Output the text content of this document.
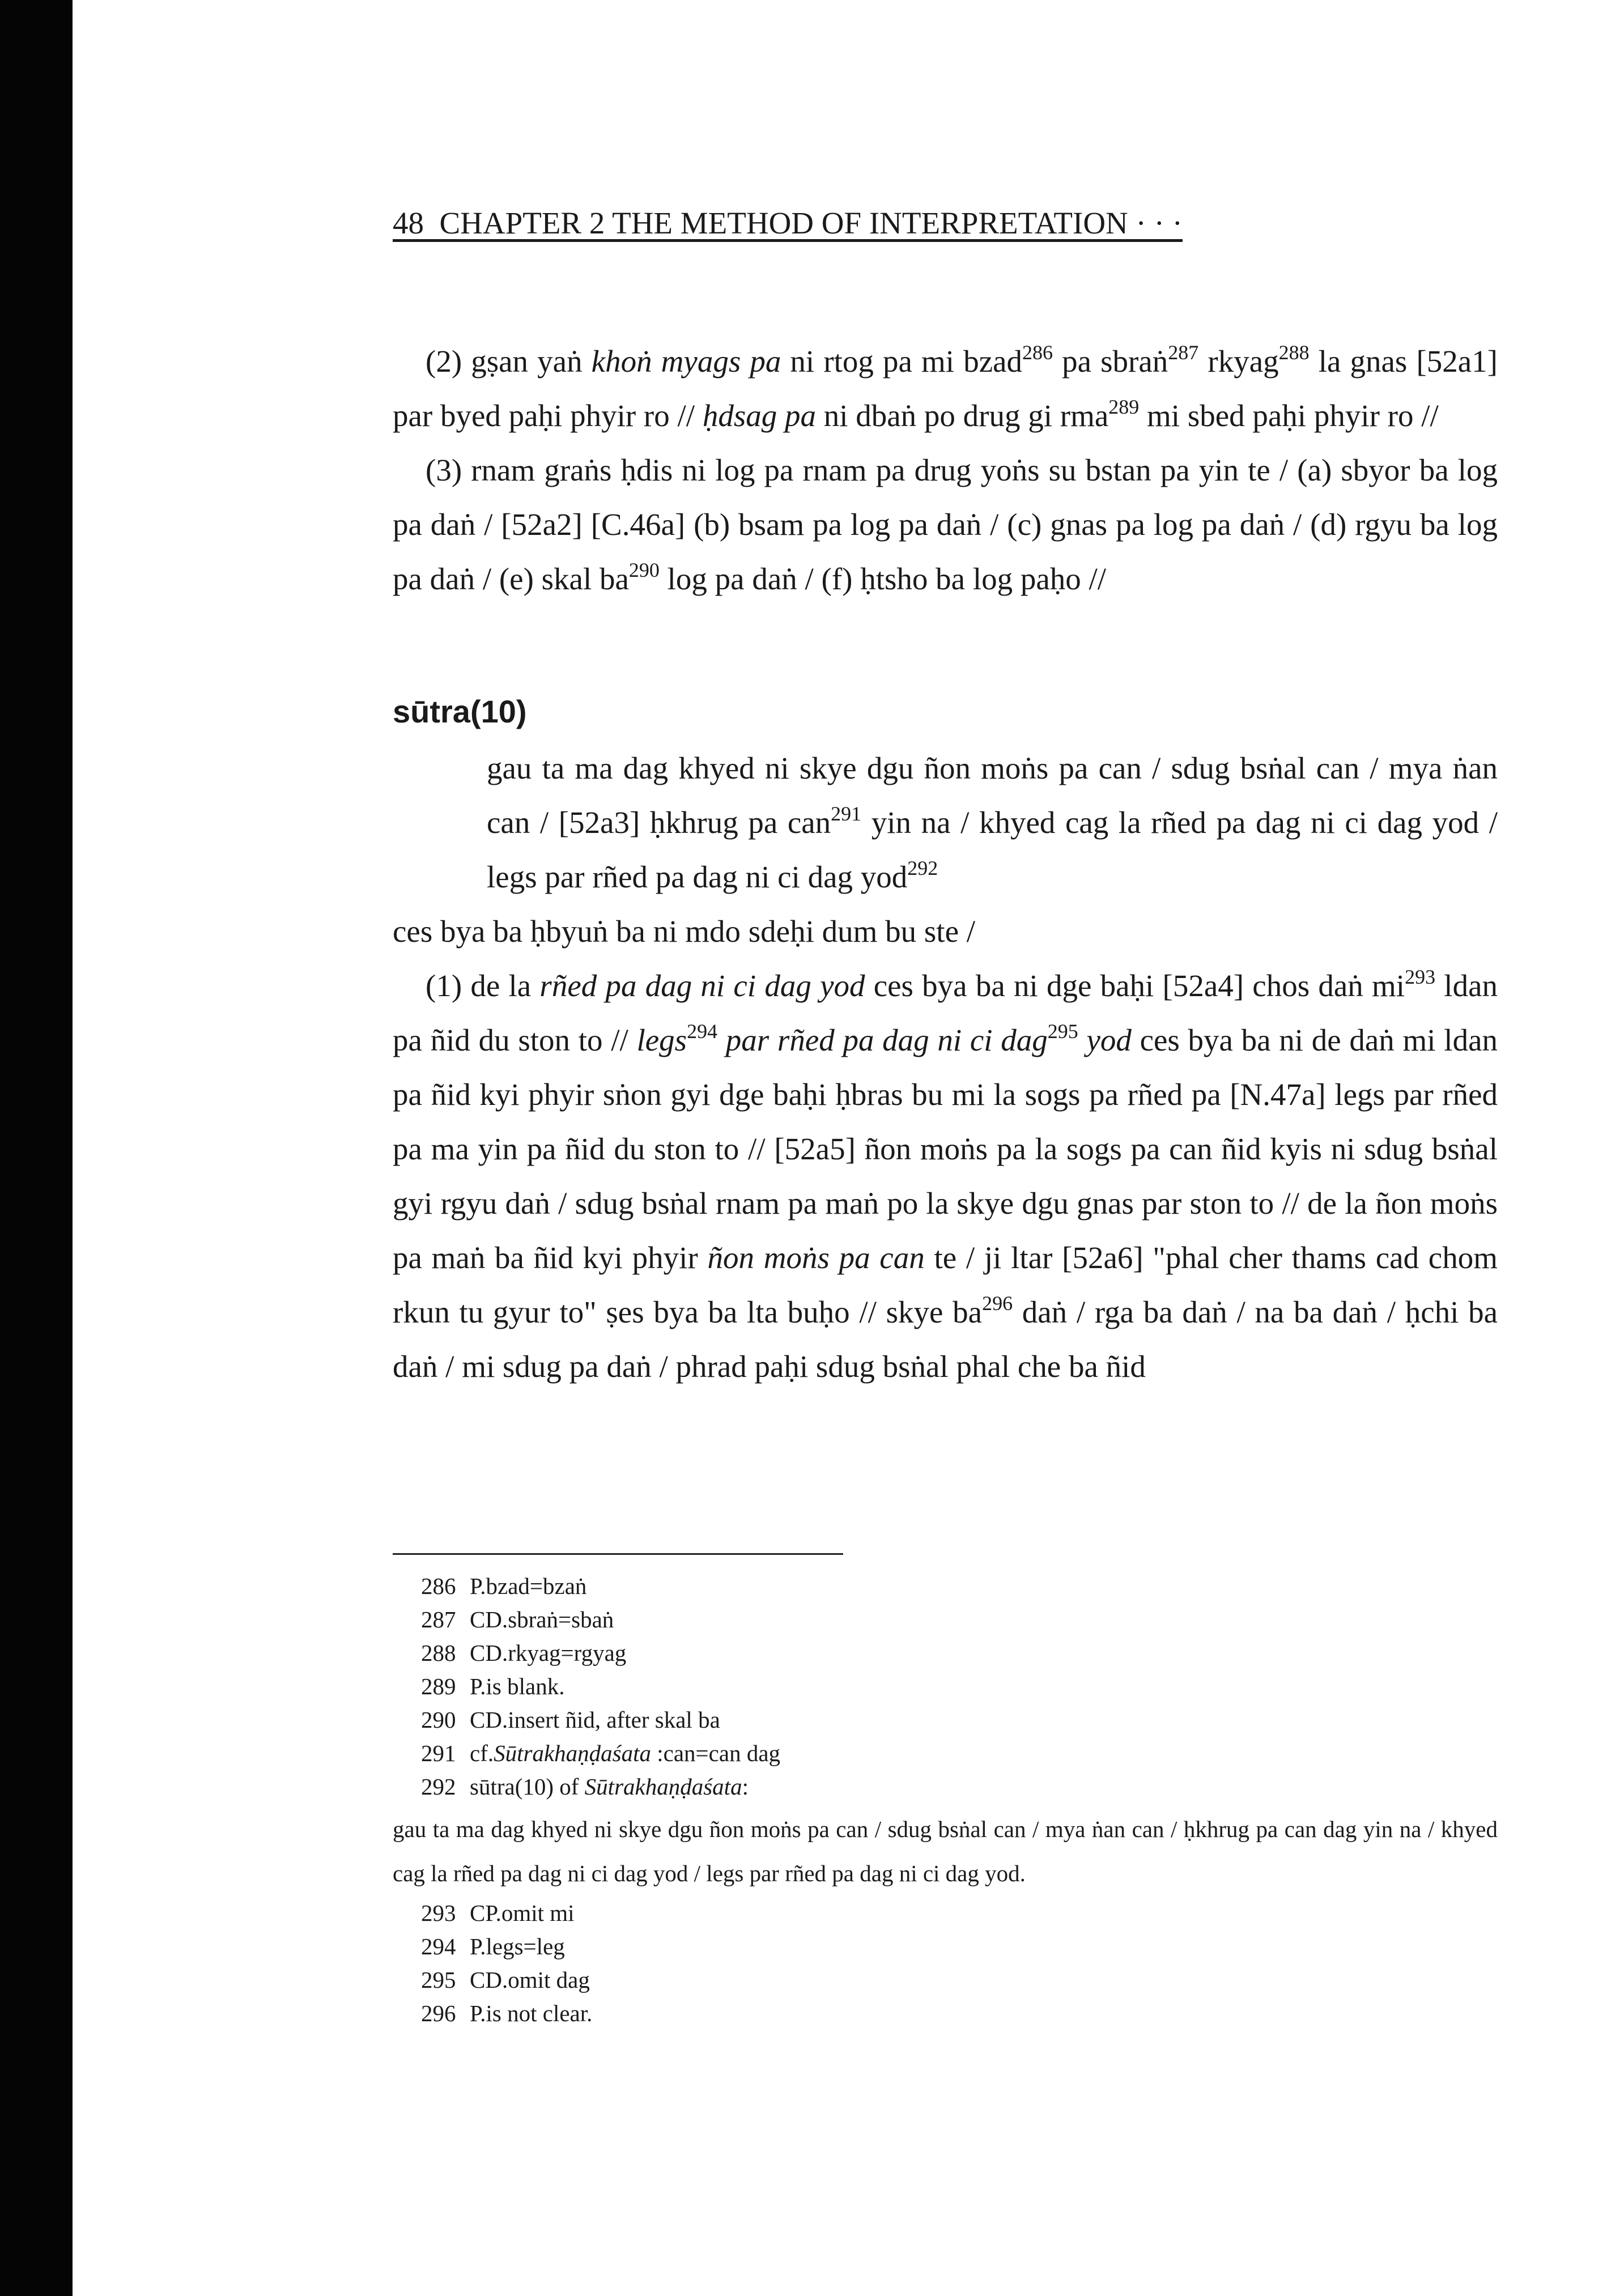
48 CHAPTER 2 THE METHOD OF INTERPRETATION · · ·

(2) gṣan yaṅ khoṅ myags pa ni rtog pa mi bzad$^{286}$ pa sbraṅ$^{287}$ rkyag$^{288}$ la gnas [52a1] par byed paḥi phyir ro // ḥdsag pa ni dbaṅ po drug gi rma$^{289}$ mi sbed paḥi phyir ro //

(3) rnam graṅs ḥdis ni log pa rnam pa drug yoṅs su bstan pa yin te / (a) sbyor ba log pa daṅ / [52a2] [C.46a] (b) bsam pa log pa daṅ / (c) gnas pa log pa daṅ / (d) rgyu ba log pa daṅ / (e) skal $ba^{290}$ log pa daṅ / (f) ḥtsho ba log paḥo //

sūtra(10)

gau ta ma dag khyed ni skye dgu ñon moṅs pa can / sdug bsṅal can / mya ṅan can / [52a3] ḥkhrug pa can$^{291}$ yin na / khyed cag la rñed pa dag ni ci dag yod / legs par rñed pa dag ni ci dag yod$^{292}$

ces bya ba ḥbyuṅ ba ni mdo sdeḥi dum bu ste /

(1) de la rñed pa dag ni ci dag yod ces bya ba ni dge baḥi [52a4] chos daṅ $mi^{293}$ ldan pa ñid du ston to // legs$^{294}$ par rñed pa dag ni ci dag$^{295}$ yod ces bya ba ni de daṅ mi ldan pa ñid kyi phyir sṅon gyi dge baḥi ḥbras bu mi la sogs pa rñed pa [N.47a] legs par rñed pa ma yin pa ñid du ston to // [52a5] ñon moṅs pa la sogs pa can ñid kyis ni sdug bsṅal gyi rgyu daṅ / sdug bsṅal rnam pa maṅ po la skye dgu gnas par ston to // de la ñon moṅs pa maṅ ba ñid kyi phyir ñon moṅs pa can te / ji ltar [52a6] "phal cher thams cad chom rkun tu gyur to" ṣes bya ba lta buḥo // skye $ba^{296}$ daṅ / rga ba daṅ / na ba daṅ / ḥchi ba daṅ / mi sdug pa daṅ / phrad paḥi sdug bsṅal phal che ba ñid

286 P.bzad=bzaṅ
287 CD.sbraṅ=sbaṅ
288 CD.rkyag=rgyag
289 P.is blank.
290 CD.insert ñid, after skal ba
291 cf.Sūtrakhaṇḍaśata :can=can dag
292 sūtra(10) of Sūtrakhaṇḍaśata:
gau ta ma dag khyed ni skye dgu ñon moṅs pa can / sdug bsṅal can / mya ṅan can / ḥkhrug pa can dag yin na / khyed cag la rñed pa dag ni ci dag yod / legs par rñed pa dag ni ci dag yod.
293 CP.omit mi
294 P.legs=leg
295 CD.omit dag
296 P.is not clear.
